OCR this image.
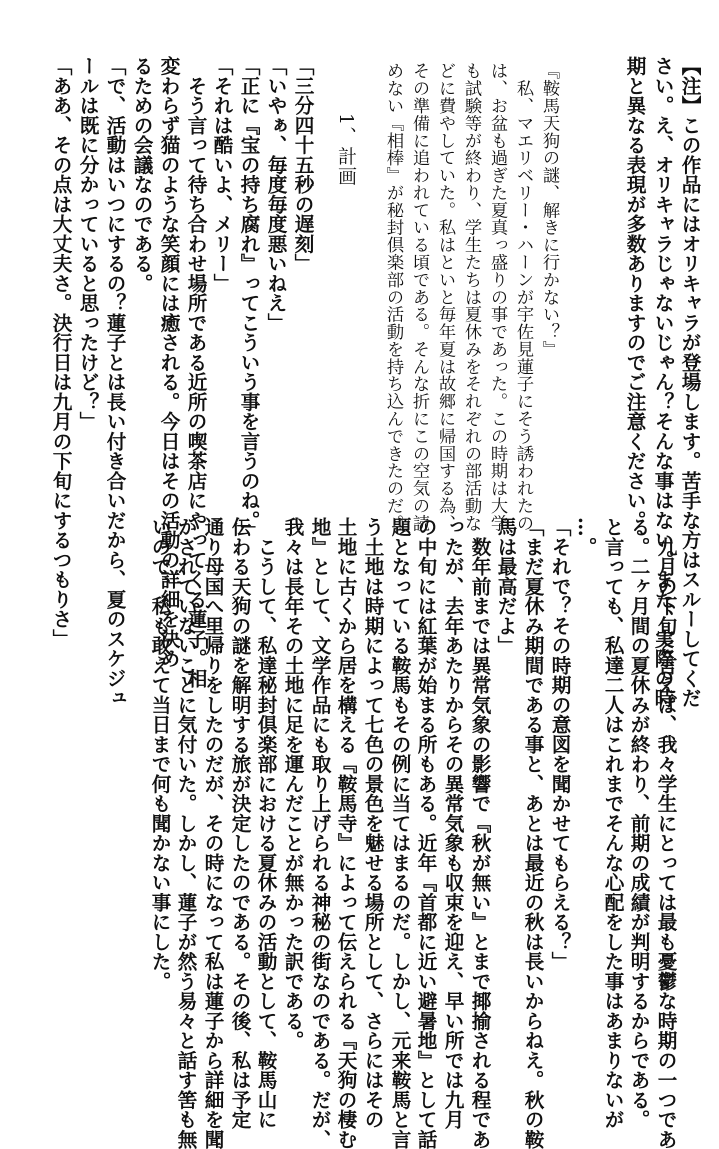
【注】この作品にはオリキャラが登場します。苦手な方はスルーしてくだ

さい。え、オリキャラじゃないじゃん？そんな事はない。また、実際の時

期と異なる表現が多数ありますのでご注意ください。

『鞍馬天狗の謎、解きに行かない？』

　私、マエリベリー・ハーンが宇佐見蓮子にそう誘われたの

は、お盆も過ぎた夏真っ盛りの事であった。この時期は大学

も試験等が終わり、学生たちは夏休みをそれぞれの部活動な

どに費やしていた。私はといと毎年夏は故郷に帰国する為、

その準備に追われている頃である。そんな折にこの空気の読

めない『相棒』が秘封倶楽部の活動を持ち込んできたのだ。

1、計画

「三分四十五秒の遅刻」

「いやぁ、毎度毎度悪いねえ」

「正に『宝の持ち腐れ』ってこういう事を言うのね。」

「それは酷いよ、メリー」

　そう言って待ち合わせ場所である近所の喫茶店にやってくる蓮子。相

変わらず猫のような笑顔には癒される。今日はその活動の詳細を決め

るための会議なのである。

「で、活動はいつにするの？蓮子とは長い付き合いだから、夏のスケジュ

ールは既に分かっていると思ったけど？」

「ああ、その点は大丈夫さ。決行日は九月の下旬にするつもりさ」

　九月の下旬と言えば、我々学生にとっては最も憂鬱な時期の一つであ

る。二ヶ月間の夏休みが終わり、前期の成績が判明するからである。

と言っても、私達二人はこれまでそんな心配をした事はあまりないが

…。

「それで？その時期の意図を聞かせてもらえる？」

「まだ夏休み期間である事と、あとは最近の秋は長いからねえ。秋の鞍

馬は最高だよ」

　数年前までは異常気象の影響で『秋が無い』とまで揶揄される程であ

ったが、去年あたりからその異常気象も収束を迎え、早い所では九月

の中旬には紅葉が始まる所もある。近年『首都に近い避暑地』として話

題となっている鞍馬もその例に当てはまるのだ。しかし、元来鞍馬と言

う土地は時期によって七色の景色を魅せる場所として、さらにはその

土地に古くから居を構える『鞍馬寺』によって伝えられる『天狗の棲む

地』として、文学作品にも取り上げられる神秘の街なのである。だが、

我々は長年その土地に足を運んだことが無かった訳である。

　こうして、私達秘封倶楽部における夏休みの活動として、鞍馬山に

伝わる天狗の謎を解明する旅が決定したのである。その後、私は予定

通り母国へ里帰りをしたのだが、その時になって私は蓮子から詳細を聞

かされていないことに気付いた。しかし、蓮子が然う易々と話す筈も無

いので、私も敢えて当日まで何も聞かない事にした。
